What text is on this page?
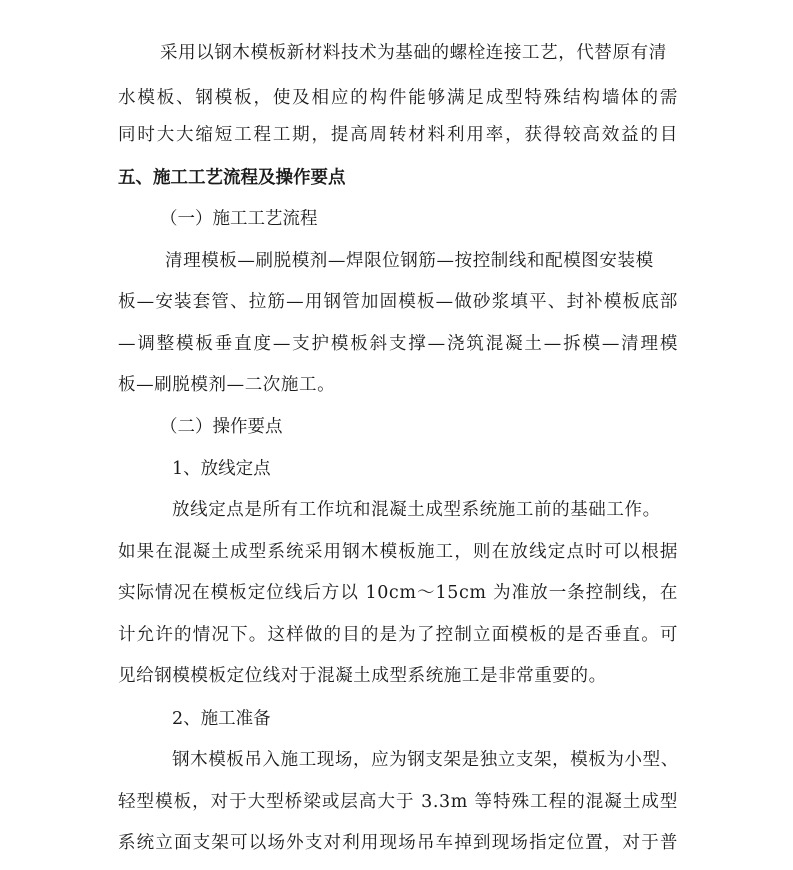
采用以钢木模板新材料技术为基础的螺栓连接工艺，代替原有清
水模板、钢模板，使及相应的构件能够满足成型特殊结构墙体的需
同时大大缩短工程工期，提高周转材料利用率，获得较高效益的目
五、施工工艺流程及操作要点
（一）施工工艺流程
清理模板—刷脱模剂—焊限位钢筋—按控制线和配模图安装模
板—安装套管、拉筋—用钢管加固模板—做砂浆填平、封补模板底部
—调整模板垂直度—支护模板斜支撑—浇筑混凝土—拆模—清理模
板—刷脱模剂—二次施工。
（二）操作要点
1、放线定点
放线定点是所有工作坑和混凝土成型系统施工前的基础工作。
如果在混凝土成型系统采用钢木模板施工，则在放线定点时可以根据
实际情况在模板定位线后方以 10cm～15cm 为准放一条控制线，在
计允许的情况下。这样做的目的是为了控制立面模板的是否垂直。可
见给钢模模板定位线对于混凝土成型系统施工是非常重要的。
2、施工准备
钢木模板吊入施工现场，应为钢支架是独立支架，模板为小型、
轻型模板，对于大型桥梁或层高大于 3.3m 等特殊工程的混凝土成型
系统立面支架可以场外支对利用现场吊车掉到现场指定位置，对于普
